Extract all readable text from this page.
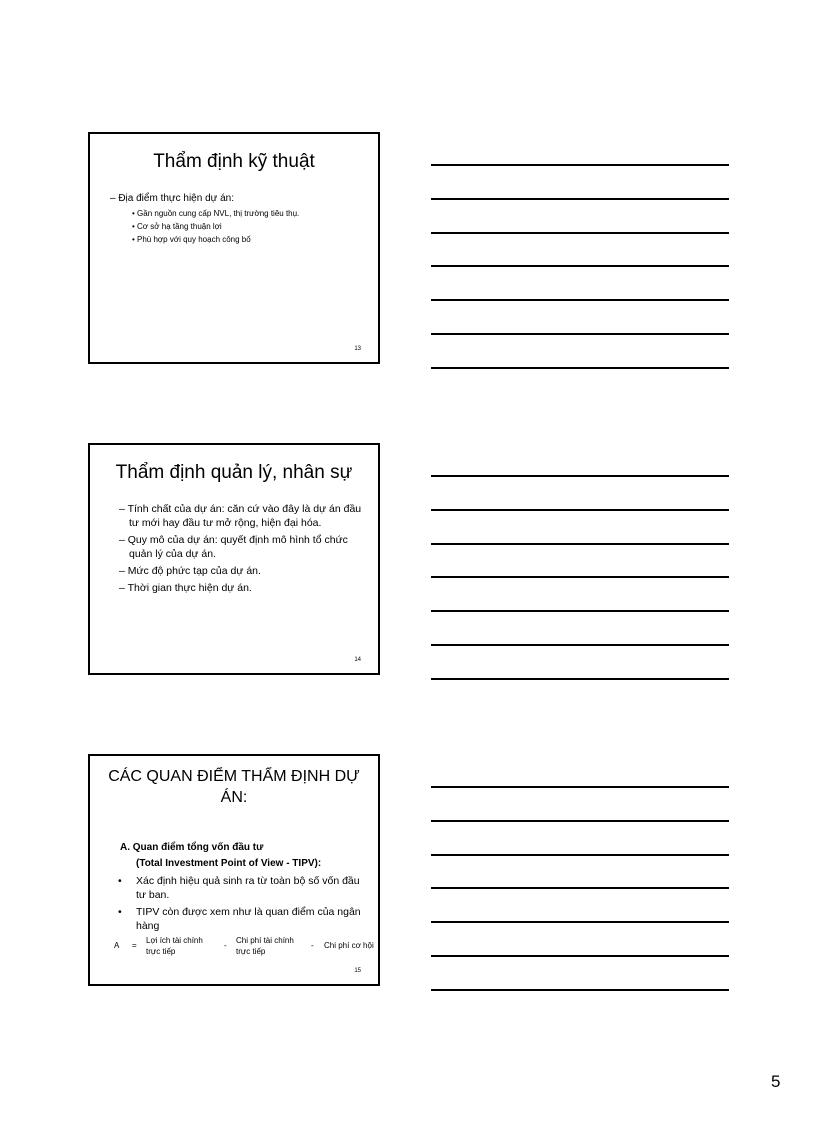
Thẩm định kỹ thuật
– Địa điểm thực hiện dự án:
• Gần nguồn cung cấp NVL, thị trường tiêu thụ.
• Cơ sở hạ tầng thuận lợi
• Phù hợp với quy hoạch công bố
13
Thẩm định quản lý, nhân sự
– Tính chất của dự án: căn cứ vào đây là dự án đầu tư mới hay đầu tư mở rộng, hiện đại hóa.
– Quy mô của dự án: quyết định mô hình tổ chức quản lý của dự án.
– Mức độ phức tạp của dự án.
– Thời gian thực hiện dự án.
14
CÁC QUAN ĐIỂM THẨM ĐỊNH DỰ ÁN:
A. Quan điểm tổng vốn đầu tư
(Total Investment Point of View - TIPV):
• Xác định hiệu quả sinh ra từ toàn bộ số vốn đầu tư ban.
• TIPV còn được xem như là quan điểm của ngân hàng
A =
Lợi ích tài chính
trực tiếp
-
Chi phí tài chính
trực tiếp
- Chi phí cơ hội
15
5
